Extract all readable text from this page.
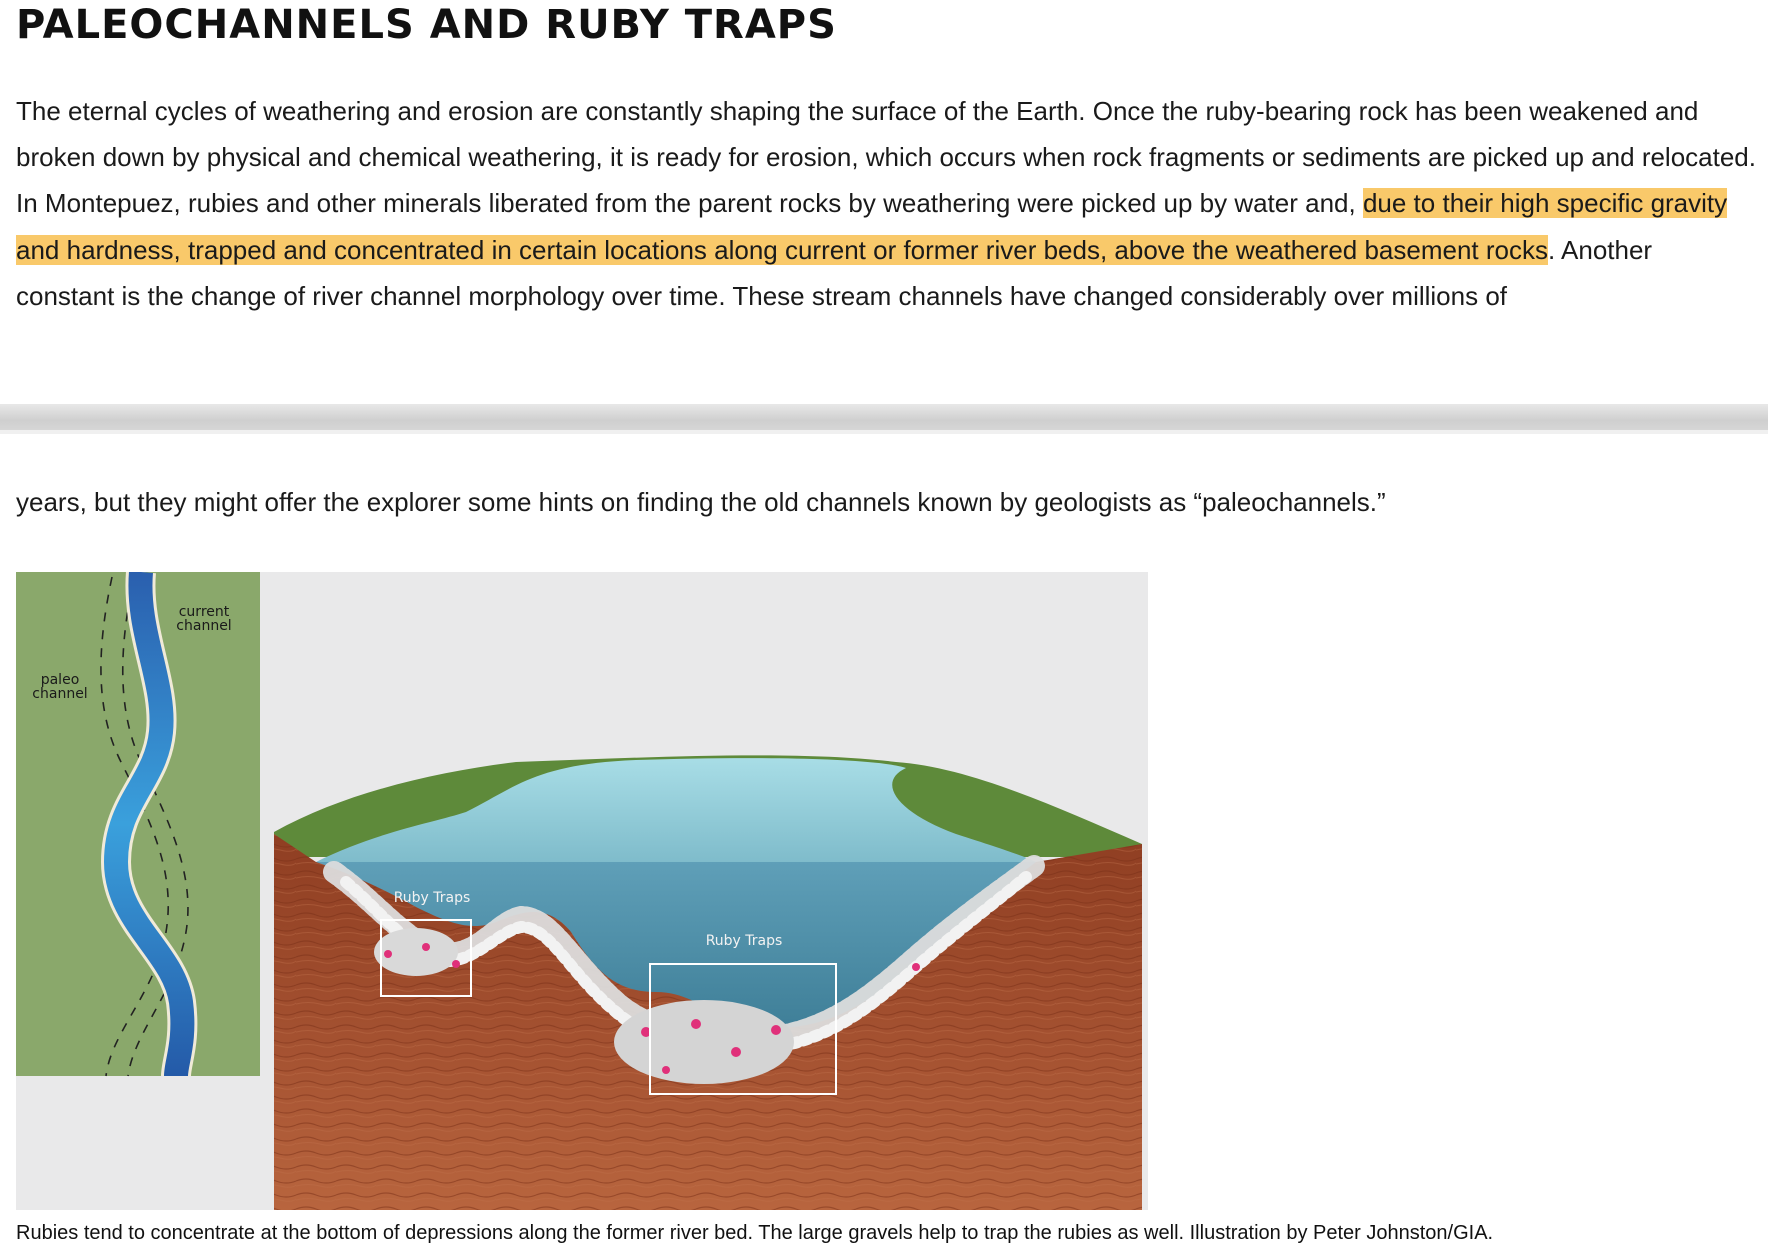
PALEOCHANNELS AND RUBY TRAPS

The eternal cycles of weathering and erosion are constantly shaping the surface of the Earth. Once the ruby-bearing rock has been weakened and broken down by physical and chemical weathering, it is ready for erosion, which occurs when rock fragments or sediments are picked up and relocated. In Montepuez, rubies and other minerals liberated from the parent rocks by weathering were picked up by water and, due to their high specific gravity and hardness, trapped and concentrated in certain locations along current or former river beds, above the weathered basement rocks. Another constant is the change of river channel morphology over time. These stream channels have changed considerably over millions of

years, but they might offer the explorer some hints on finding the old channels known by geologists as “paleochannels.”

current
channel
paleo
channel
Ruby Traps
Ruby Traps

Rubies tend to concentrate at the bottom of depressions along the former river bed. The large gravels help to trap the rubies as well. Illustration by Peter Johnston/GIA.
